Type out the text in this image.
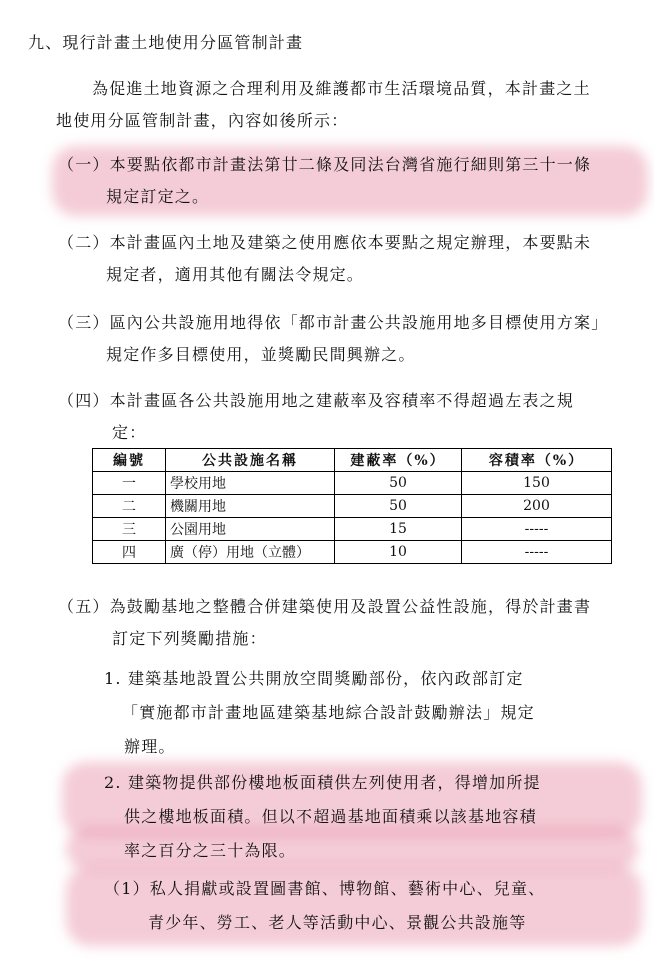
九、現行計畫土地使用分區管制計畫
為促進土地資源之合理利用及維護都市生活環境品質，本計畫之土
地使用分區管制計畫，內容如後所示：
（一）本要點依都市計畫法第廿二條及同法台灣省施行細則第三十一條
規定訂定之。
（二）本計畫區內土地及建築之使用應依本要點之規定辦理，本要點未
規定者，適用其他有關法令規定。
（三）區內公共設施用地得依「都市計畫公共設施用地多目標使用方案」
規定作多目標使用，並獎勵民間興辦之。
（四）本計畫區各公共設施用地之建蔽率及容積率不得超過左表之規
定：
編號	公共設施名稱	建蔽率（%）	容積率（%）
一	學校用地	50	150
二	機關用地	50	200
三	公園用地	15	-----
四	廣（停）用地（立體）	10	-----
（五）為鼓勵基地之整體合併建築使用及設置公益性設施，得於計畫書
訂定下列獎勵措施：
1. 建築基地設置公共開放空間獎勵部份，依內政部訂定
「實施都市計畫地區建築基地綜合設計鼓勵辦法」規定
辦理。
2. 建築物提供部份樓地板面積供左列使用者，得增加所提
供之樓地板面積。但以不超過基地面積乘以該基地容積
率之百分之三十為限。
（1）私人捐獻或設置圖書館、博物館、藝術中心、兒童、
青少年、勞工、老人等活動中心、景觀公共設施等
